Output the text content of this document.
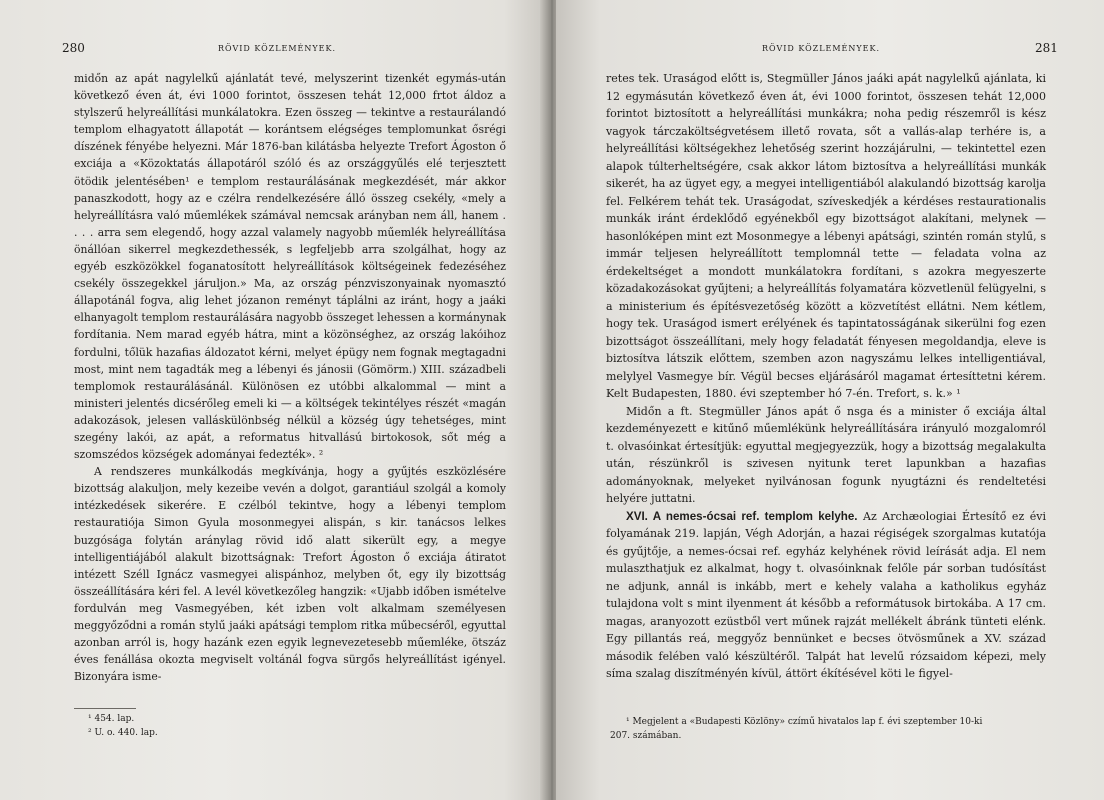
280	RÖVID KÖZLEMÉNYEK.

midőn az apát nagylelkű ajánlatát tevé, melyszerint tizenkét egymás-után következő éven át, évi 1000 forintot, összesen tehát 12,000 frtot áldoz a stylszerű helyreállítási munkálatokra. Ezen összeg — tekintve a restaurálandó templom elhagyatott állapotát — korántsem elégséges templomunkat ősrégi díszének fényébe helyezni. Már 1876-ban kilátásba helyezte Trefort Ágoston ő exciája a «Közoktatás állapotáról szóló és az országgyűlés elé terjesztett ötödik jelentésében¹ e templom restaurálásának megkezdését, már akkor panaszkodott, hogy az e czélra rendelkezésére álló összeg csekély, «mely a helyreállításra való műemlékek számával nemcsak arányban nem áll, hanem . . . . arra sem elegendő, hogy azzal valamely nagyobb műemlék helyreállítása önállóan sikerrel megkezdethessék, s legfeljebb arra szolgálhat, hogy az egyéb eszközökkel foganatosított helyreállítások költségeinek fedezéséhez csekély összegekkel járuljon.» Ma, az ország pénzviszonyainak nyomasztó állapotánál fogva, alig lehet józanon reményt táplálni az iránt, hogy a jaáki elhanyagolt templom restaurálására nagyobb összeget lehessen a kormánynak fordítania. Nem marad egyéb hátra, mint a közönséghez, az ország lakóihoz fordulni, tőlük hazafias áldozatot kérni, melyet épügy nem fognak megtagadni most, mint nem tagadták meg a lébenyi és jánosii (Gömörm.) XIII. századbeli templomok restaurálásánál. Különösen ez utóbbi alkalommal — mint a ministeri jelentés dicsérőleg emeli ki — a költségek tekintélyes részét «magán adakozások, jelesen valláskülönbség nélkül a község úgy tehetséges, mint szegény lakói, az apát, a reformatus hitvallású birtokosok, sőt még a szomszédos községek adományai fedezték». ²

A rendszeres munkálkodás megkívánja, hogy a gyűjtés eszközlésére bizottság alakuljon, mely kezeibe vevén a dolgot, garantiául szolgál a komoly intézkedések sikerére. E czélból tekintve, hogy a lébenyi templom restauratiója Simon Gyula mosonmegyei alispán, s kir. tanácsos lelkes buzgósága folytán aránylag rövid idő alatt sikerült egy, a megye intelligentiájából alakult bizottságnak: Trefort Ágoston ő exciája átiratot intézett Széll Ignácz vasmegyei alispánhoz, melyben őt, egy ily bizottság összeállítására kéri fel. A levél következőleg hangzik: «Ujabb időben ismételve fordulván meg Vasmegyében, két izben volt alkalmam személyesen meggyőződni a román stylű jaáki apátsági templom ritka műbecséről, egyuttal azonban arról is, hogy hazánk ezen egyik legnevezetesebb műemléke, ötszáz éves fenállása okozta megviselt voltánál fogva sürgős helyreállítást igényel. Bizonyára isme-

¹ 454. lap.
² U. o. 440. lap.
RÖVID KÖZLEMÉNYEK.	281

retes tek. Uraságod előtt is, Stegmüller János jaáki apát nagylelkű ajánlata, ki 12 egymásután következő éven át, évi 1000 forintot, összesen tehát 12,000 forintot biztosított a helyreállítási munkákra; noha pedig részemről is kész vagyok tárczaköltségvetésem illető rovata, sőt a vallás-alap terhére is, a helyreállítási költségekhez lehetőség szerint hozzájárulni, — tekintettel ezen alapok túlterheltségére, csak akkor látom biztosítva a helyreállítási munkák sikerét, ha az ügyet egy, a megyei intelligentiából alakulandó bizottság karolja fel. Felkérem tehát tek. Uraságodat, szíveskedjék a kérdéses restaurationalis munkák iránt érdeklődő egyénekből egy bizottságot alakítani, melynek — hasonlóképen mint ezt Mosonmegye a lébenyi apátsági, szintén román stylű, s immár teljesen helyreállított templomnál tette — feladata volna az érdekeltséget a mondott munkálatokra fordítani, s azokra megyeszerte közadakozásokat gyűjteni; a helyreállítás folyamatára közvetlenül felügyelni, s a ministerium és építésvezetőség között a közvetítést ellátni. Nem kétlem, hogy tek. Uraságod ismert erélyének és tapintatosságának sikerülni fog ezen bizottságot összeállítani, mely hogy feladatát fényesen megoldandja, eleve is biztosítva látszik előttem, szemben azon nagyszámu lelkes intelligentiával, melylyel Vasmegye bír. Végül becses eljárásáról magamat értesíttetni kérem. Kelt Budapesten, 1880. évi szeptember hó 7-én. Trefort, s. k.» ¹

Midőn a ft. Stegmüller János apát ő nsga és a minister ő exciája által kezdeményezett e kitűnő műemlékünk helyreállítására irányuló mozgalomról t. olvasóinkat értesítjük: egyuttal megjegyezzük, hogy a bizottság megalakulta után, részünkről is szivesen nyitunk teret lapunkban a hazafias adományoknak, melyeket nyilvánosan fogunk nyugtázni és rendeltetési helyére juttatni.

XVI. A nemes-ócsai ref. templom kelyhe. Az Archæologiai Értesítő ez évi folyamának 219. lapján, Végh Adorján, a hazai régiségek szorgalmas kutatója és gyűjtője, a nemes-ócsai ref. egyház kelyhének rövid leírását adja. El nem mulaszthatjuk ez alkalmat, hogy t. olvasóinknak felőle pár sorban tudósítást ne adjunk, annál is inkább, mert e kehely valaha a katholikus egyház tulajdona volt s mint ilyenment át később a reformátusok birtokába. A 17 cm. magas, aranyozott ezüstből vert műnek rajzát mellékelt ábránk tünteti elénk. Egy pillantás reá, meggyőz bennünket e becses ötvösműnek a XV. század második felében való készültéről. Talpát hat levelű rózsaidom képezi, mely síma szalag diszítményén kívül, áttört ékítésével köti le figyel-

¹ Megjelent a «Budapesti Közlöny» czímű hivatalos lap f. évi szeptember 10-ki
207. számában.
